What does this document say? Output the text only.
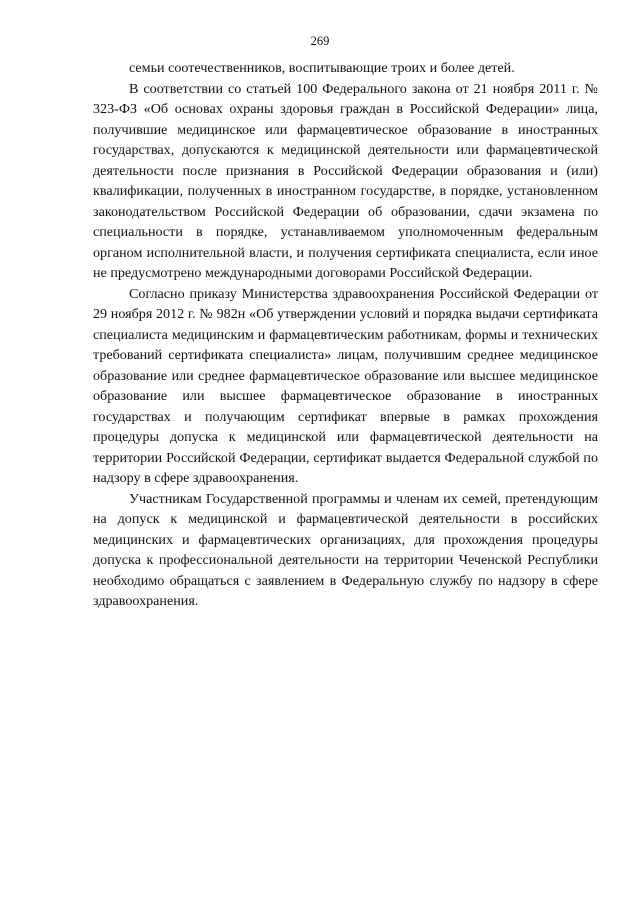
269

семьи соотечественников, воспитывающие троих и более детей.

В соответствии со статьей 100 Федерального закона от 21 ноября 2011 г. № 323-ФЗ «Об основах охраны здоровья граждан в Российской Федерации» лица, получившие медицинское или фармацевтическое образование в иностранных государствах, допускаются к медицинской деятельности или фармацевтической деятельности после признания в Российской Федерации образования и (или) квалификации, полученных в иностранном государстве, в порядке, установленном законодательством Российской Федерации об образовании, сдачи экзамена по специальности в порядке, устанавливаемом уполномоченным федеральным органом исполнительной власти, и получения сертификата специалиста, если иное не предусмотрено международными договорами Российской Федерации.

Согласно приказу Министерства здравоохранения Российской Федерации от 29 ноября 2012 г. № 982н «Об утверждении условий и порядка выдачи сертификата специалиста медицинским и фармацевтическим работникам, формы и технических требований сертификата специалиста» лицам, получившим среднее медицинское образование или среднее фармацевтическое образование или высшее медицинское образование или высшее фармацевтическое образование в иностранных государствах и получающим сертификат впервые в рамках прохождения процедуры допуска к медицинской или фармацевтической деятельности на территории Российской Федерации, сертификат выдается Федеральной службой по надзору в сфере здравоохранения.

Участникам Государственной программы и членам их семей, претендующим на допуск к медицинской и фармацевтической деятельности в российских медицинских и фармацевтических организациях, для прохождения процедуры допуска к профессиональной деятельности на территории Чеченской Республики необходимо обращаться с заявлением в Федеральную службу по надзору в сфере здравоохранения.
